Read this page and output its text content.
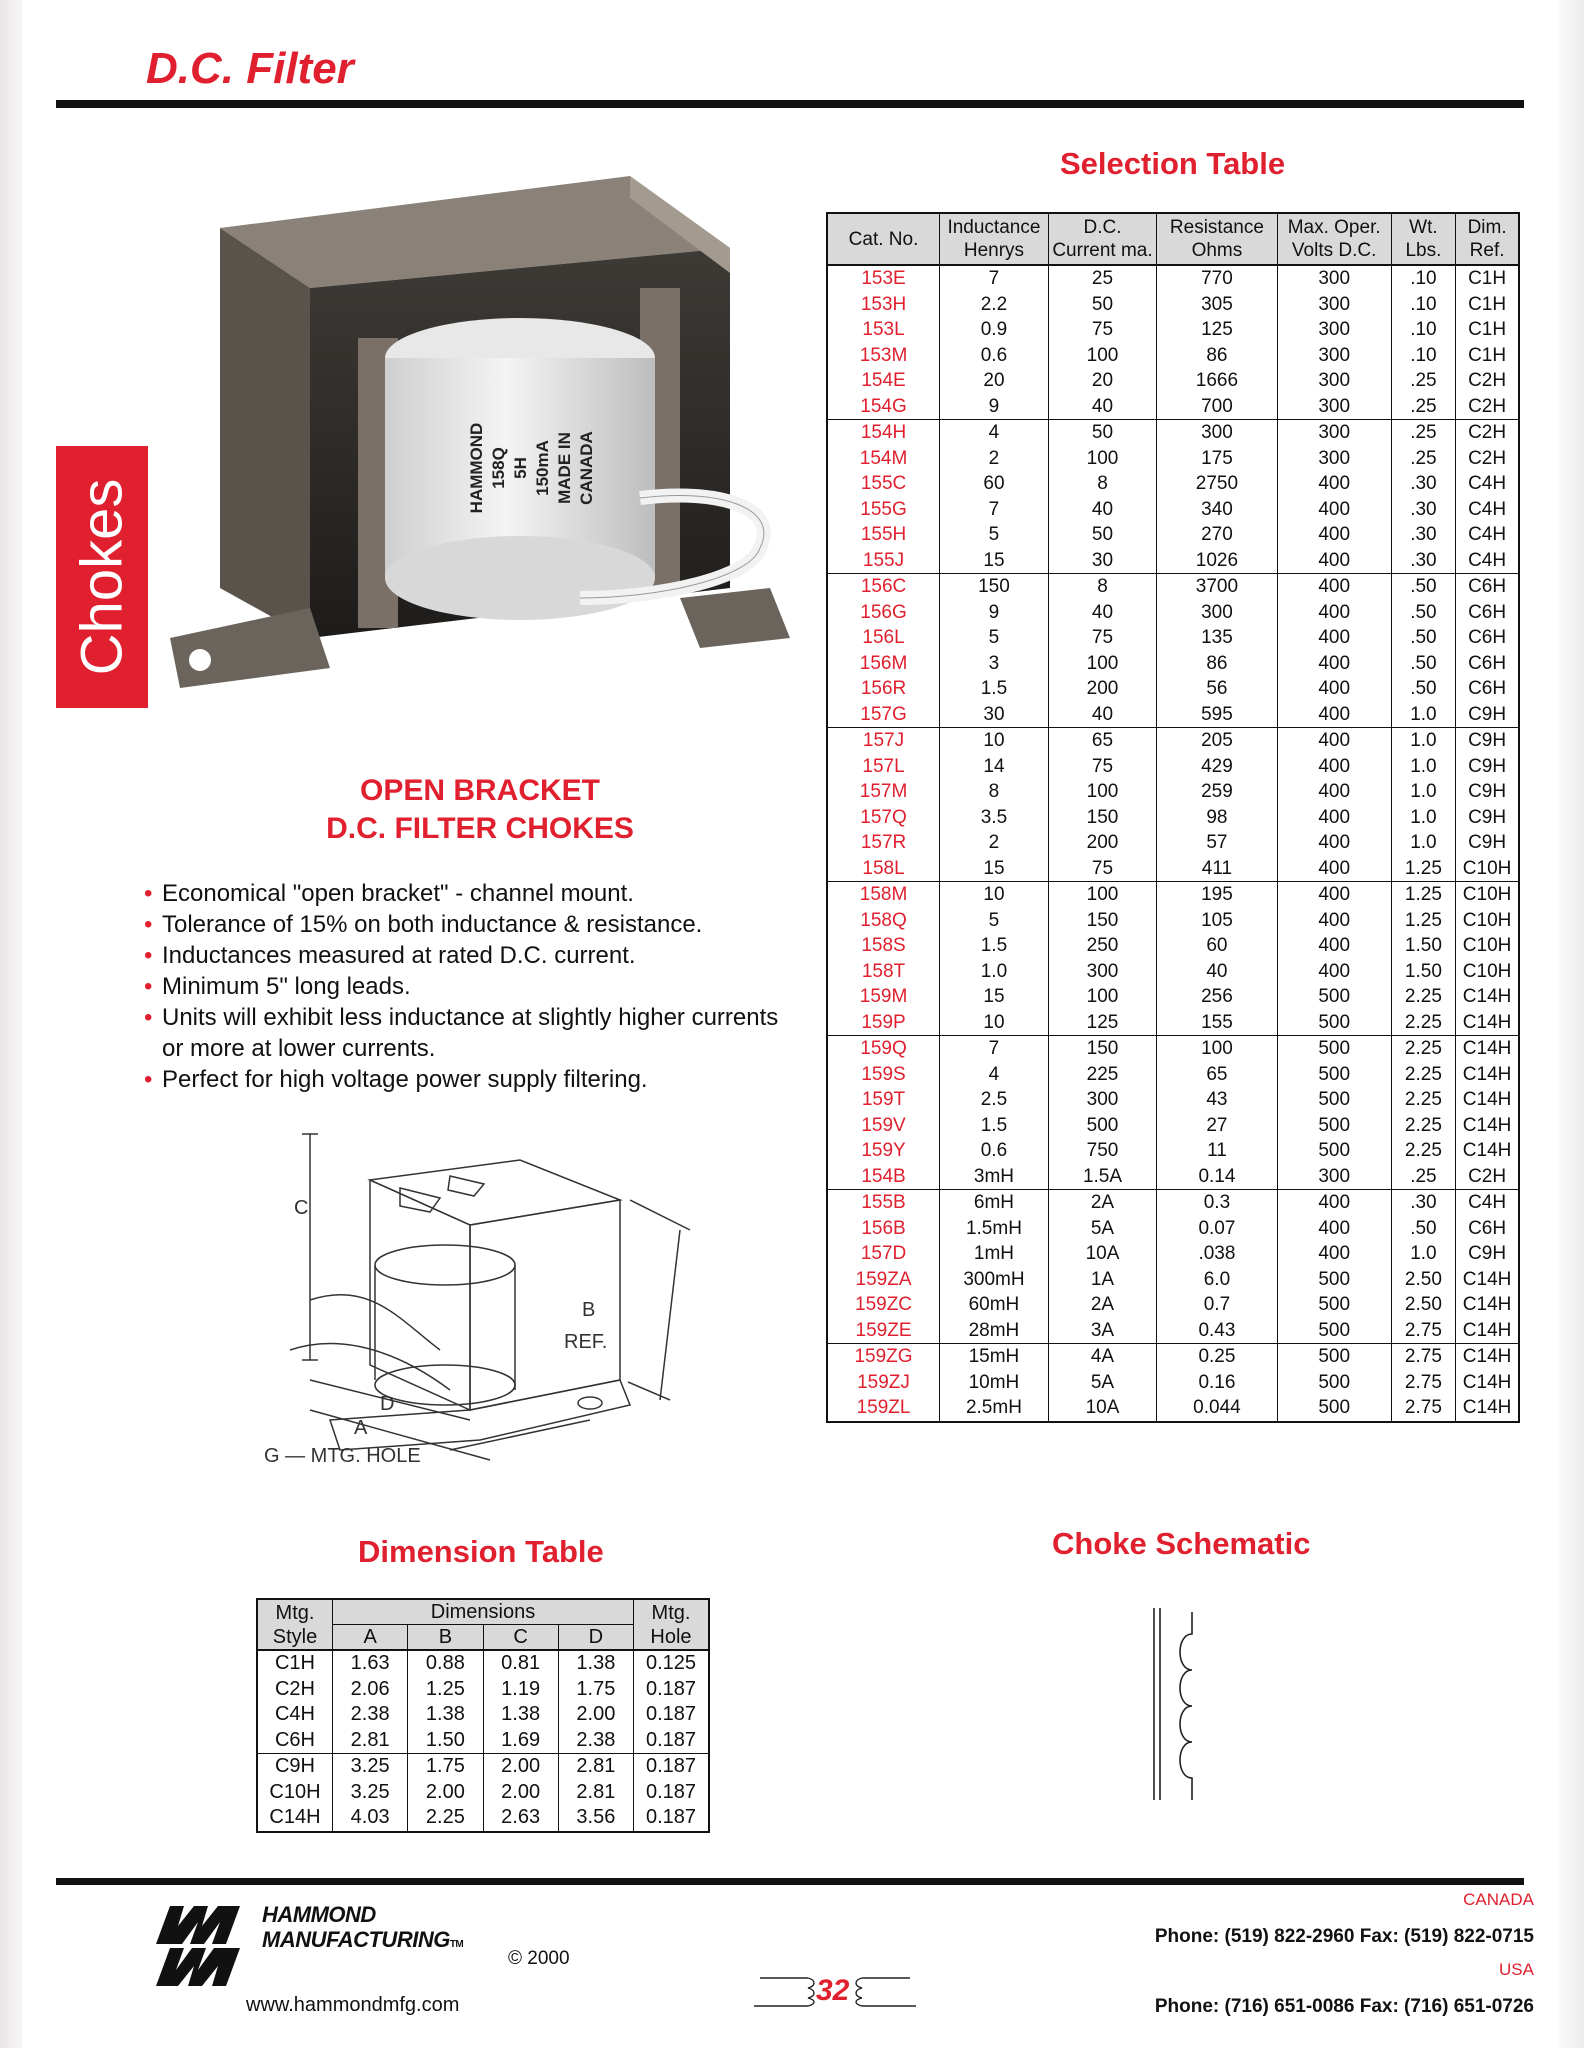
D.C. Filter
Chokes
HAMMOND 158Q 5H 150mA MADE IN CANADA
OPEN BRACKET
D.C. FILTER CHOKES
• Economical "open bracket" - channel mount.
• Tolerance of 15% on both inductance & resistance.
• Inductances measured at rated D.C. current.
• Minimum 5" long leads.
• Units will exhibit less inductance at slightly higher currents or more at lower currents.
• Perfect for high voltage power supply filtering.
C
B
REF.
D
A
G — MTG. HOLE
Selection Table
Cat. No.	Inductance Henrys	D.C. Current ma.	Resistance Ohms	Max. Oper. Volts D.C.	Wt. Lbs.	Dim. Ref.
153E	7	25	770	300	.10	C1H
153H	2.2	50	305	300	.10	C1H
153L	0.9	75	125	300	.10	C1H
153M	0.6	100	86	300	.10	C1H
154E	20	20	1666	300	.25	C2H
154G	9	40	700	300	.25	C2H
154H	4	50	300	300	.25	C2H
154M	2	100	175	300	.25	C2H
155C	60	8	2750	400	.30	C4H
155G	7	40	340	400	.30	C4H
155H	5	50	270	400	.30	C4H
155J	15	30	1026	400	.30	C4H
156C	150	8	3700	400	.50	C6H
156G	9	40	300	400	.50	C6H
156L	5	75	135	400	.50	C6H
156M	3	100	86	400	.50	C6H
156R	1.5	200	56	400	.50	C6H
157G	30	40	595	400	1.0	C9H
157J	10	65	205	400	1.0	C9H
157L	14	75	429	400	1.0	C9H
157M	8	100	259	400	1.0	C9H
157Q	3.5	150	98	400	1.0	C9H
157R	2	200	57	400	1.0	C9H
158L	15	75	411	400	1.25	C10H
158M	10	100	195	400	1.25	C10H
158Q	5	150	105	400	1.25	C10H
158S	1.5	250	60	400	1.50	C10H
158T	1.0	300	40	400	1.50	C10H
159M	15	100	256	500	2.25	C14H
159P	10	125	155	500	2.25	C14H
159Q	7	150	100	500	2.25	C14H
159S	4	225	65	500	2.25	C14H
159T	2.5	300	43	500	2.25	C14H
159V	1.5	500	27	500	2.25	C14H
159Y	0.6	750	11	500	2.25	C14H
154B	3mH	1.5A	0.14	300	.25	C2H
155B	6mH	2A	0.3	400	.30	C4H
156B	1.5mH	5A	0.07	400	.50	C6H
157D	1mH	10A	.038	400	1.0	C9H
159ZA	300mH	1A	6.0	500	2.50	C14H
159ZC	60mH	2A	0.7	500	2.50	C14H
159ZE	28mH	3A	0.43	500	2.75	C14H
159ZG	15mH	4A	0.25	500	2.75	C14H
159ZJ	10mH	5A	0.16	500	2.75	C14H
159ZL	2.5mH	10A	0.044	500	2.75	C14H
Dimension Table
Mtg. Style	Dimensions				Mtg. Hole
	A	B	C	D	
C1H	1.63	0.88	0.81	1.38	0.125
C2H	2.06	1.25	1.19	1.75	0.187
C4H	2.38	1.38	1.38	2.00	0.187
C6H	2.81	1.50	1.69	2.38	0.187
C9H	3.25	1.75	2.00	2.81	0.187
C10H	3.25	2.00	2.00	2.81	0.187
C14H	4.03	2.25	2.63	3.56	0.187
Choke Schematic
HAMMOND
MANUFACTURINGTM
www.hammondmfg.com
© 2000
32
CANADA
Phone: (519) 822-2960 Fax: (519) 822-0715
USA
Phone: (716) 651-0086 Fax: (716) 651-0726
